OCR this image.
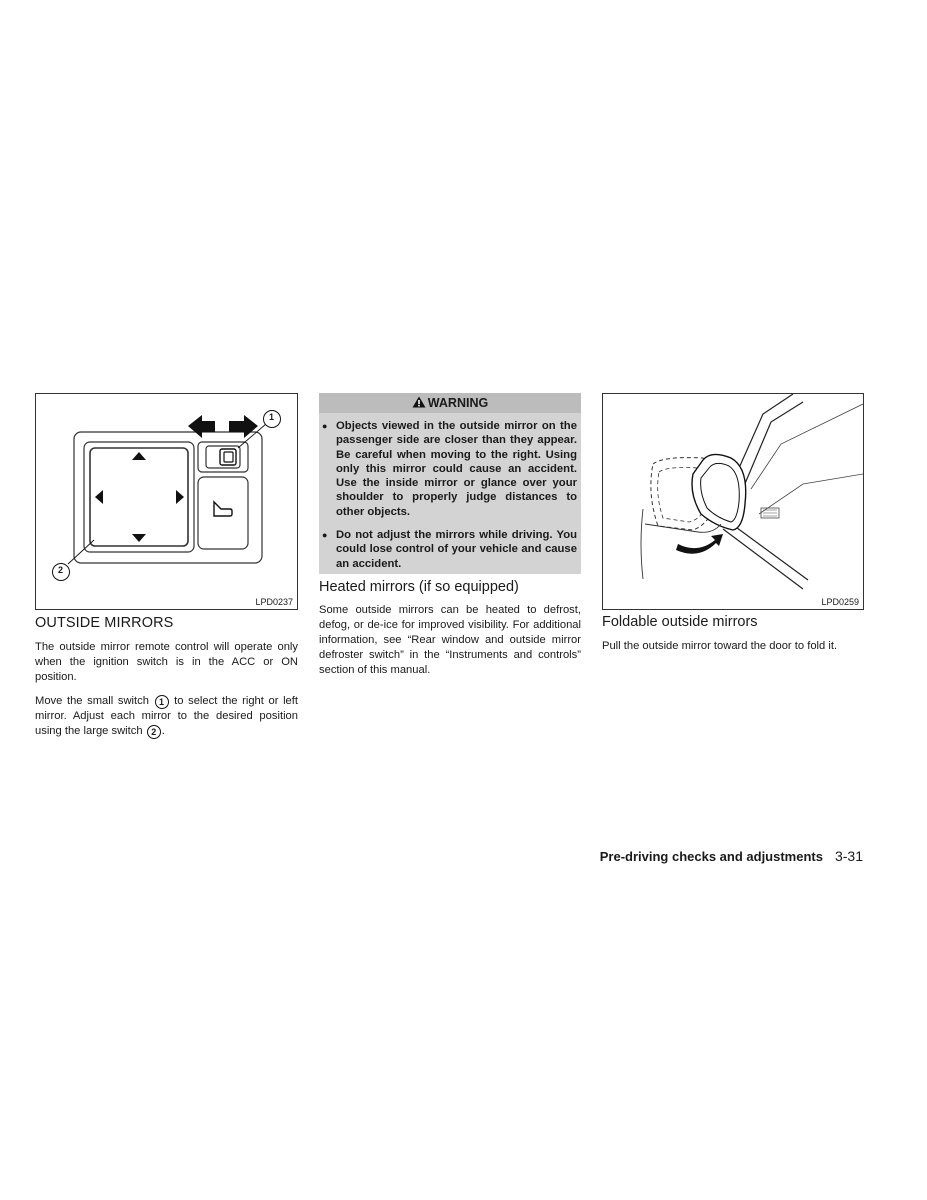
1
2
LPD0237
OUTSIDE MIRRORS

The outside mirror remote control will operate only when the ignition switch is in the ACC or ON position.

Move the small switch 1 to select the right or left mirror. Adjust each mirror to the desired position using the large switch 2 .

WARNING
● Objects viewed in the outside mirror on the passenger side are closer than they appear. Be careful when moving to the right. Using only this mirror could cause an accident. Use the inside mirror or glance over your shoulder to properly judge distances to other objects.
● Do not adjust the mirrors while driving. You could lose control of your vehicle and cause an accident.
Heated mirrors (if so equipped)

Some outside mirrors can be heated to defrost, defog, or de-ice for improved visibility. For additional information, see “Rear window and outside mirror defroster switch” in the “Instruments and controls” section of this manual.

LPD0259
Foldable outside mirrors

Pull the outside mirror toward the door to fold it.

Pre-driving checks and adjustments 3-31
